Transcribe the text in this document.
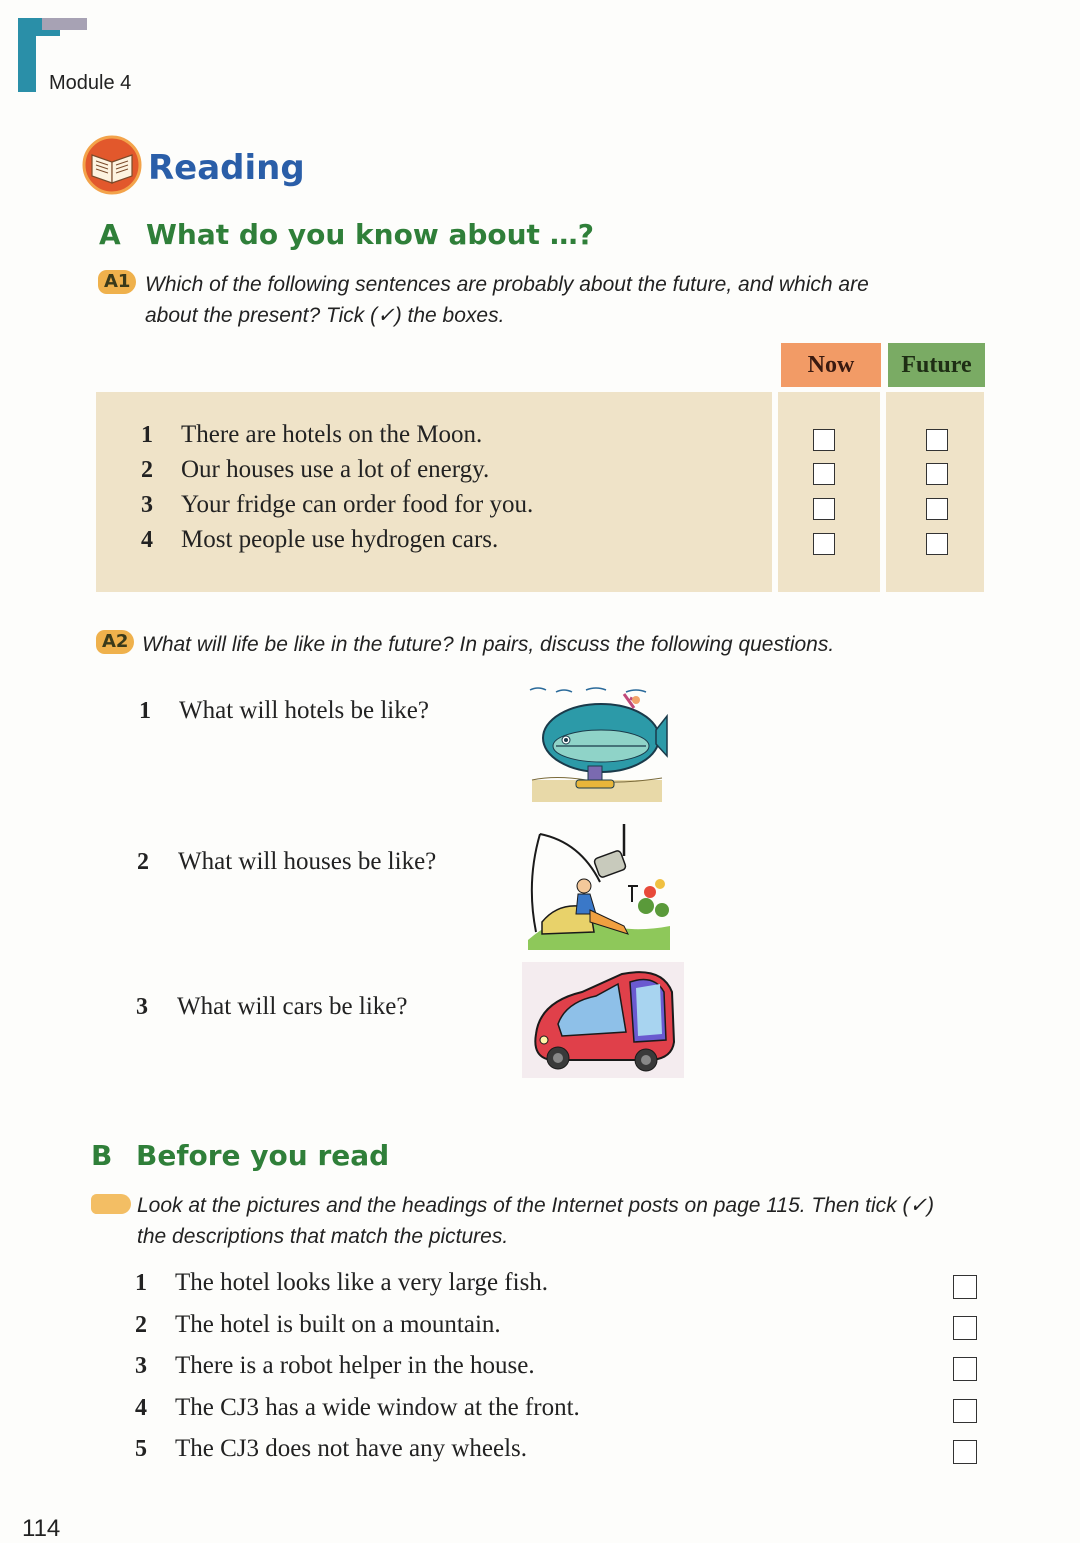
Module 4
Reading
A What do you know about …?
A1 Which of the following sentences are probably about the future, and which are
about the present? Tick (✓) the boxes.
Now	Future
1 There are hotels on the Moon.
2 Our houses use a lot of energy.
3 Your fridge can order food for you.
4 Most people use hydrogen cars.
A2 What will life be like in the future? In pairs, discuss the following questions.
1 What will hotels be like?
2 What will houses be like?
3 What will cars be like?
B Before you read
Look at the pictures and the headings of the Internet posts on page 115. Then tick (✓)
the descriptions that match the pictures.
1 The hotel looks like a very large fish.
2 The hotel is built on a mountain.
3 There is a robot helper in the house.
4 The CJ3 has a wide window at the front.
5 The CJ3 does not have any wheels.
114
